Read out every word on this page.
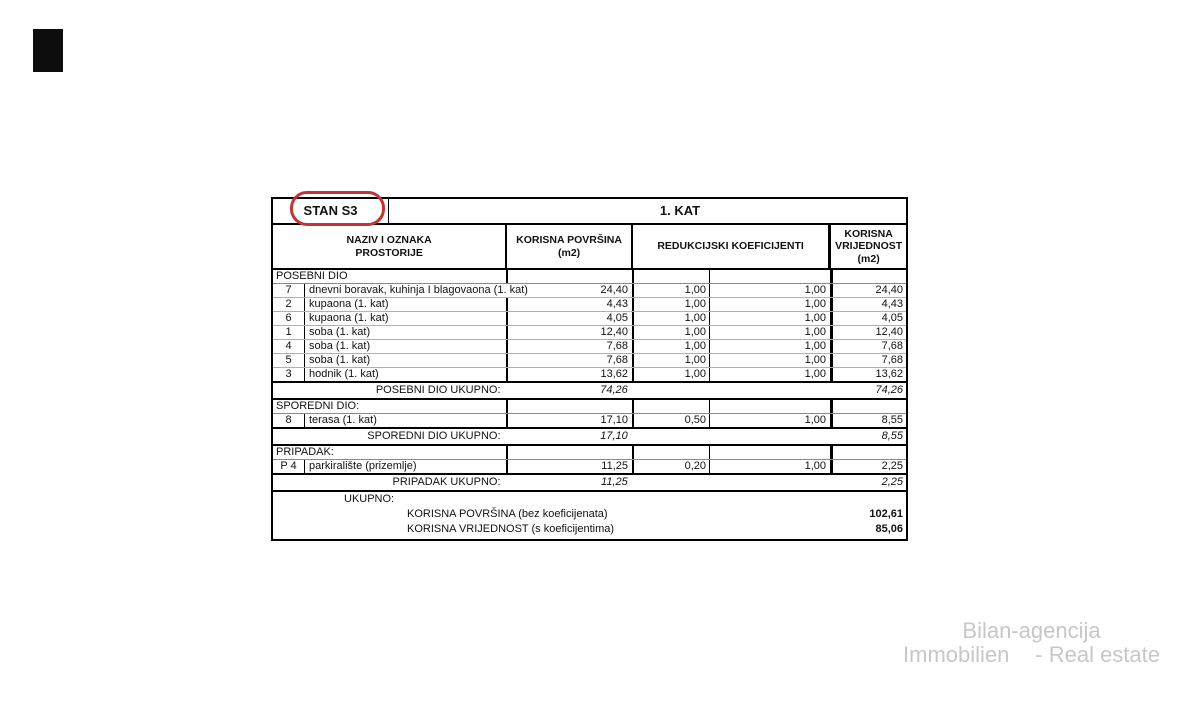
STAN S3	1. KAT
NAZIV I OZNAKA
PROSTORIJE
KORISNA POVRŠINA (m2)
REDUKCIJSKI KOEFICIJENTI
KORISNA
VRIJEDNOST
(m2)
POSEBNI DIO
7	dnevni boravak, kuhinja I blagovaona (1. kat)	24,40	1,00	1,00	24,40
2	kupaona (1. kat)	4,43	1,00	1,00	4,43
6	kupaona (1. kat)	4,05	1,00	1,00	4,05
1	soba (1. kat)	12,40	1,00	1,00	12,40
4	soba (1. kat)	7,68	1,00	1,00	7,68
5	soba (1. kat)	7,68	1,00	1,00	7,68
3	hodnik (1. kat)	13,62	1,00	1,00	13,62
POSEBNI DIO UKUPNO:	74,26	74,26
SPOREDNI DIO:
8	terasa (1. kat)	17,10	0,50	1,00	8,55
SPOREDNI DIO UKUPNO:	17,10	8,55
PRIPADAK:
P 4	parkiralište (prizemlje)	11,25	0,20	1,00	2,25
PRIPADAK UKUPNO:	11,25	2,25
UKUPNO:
KORISNA POVRŠINA (bez koeficijenata)	102,61
KORISNA VRIJEDNOST (s koeficijentima)	85,06
Bilan-agencija
Immobilien - Real estate
